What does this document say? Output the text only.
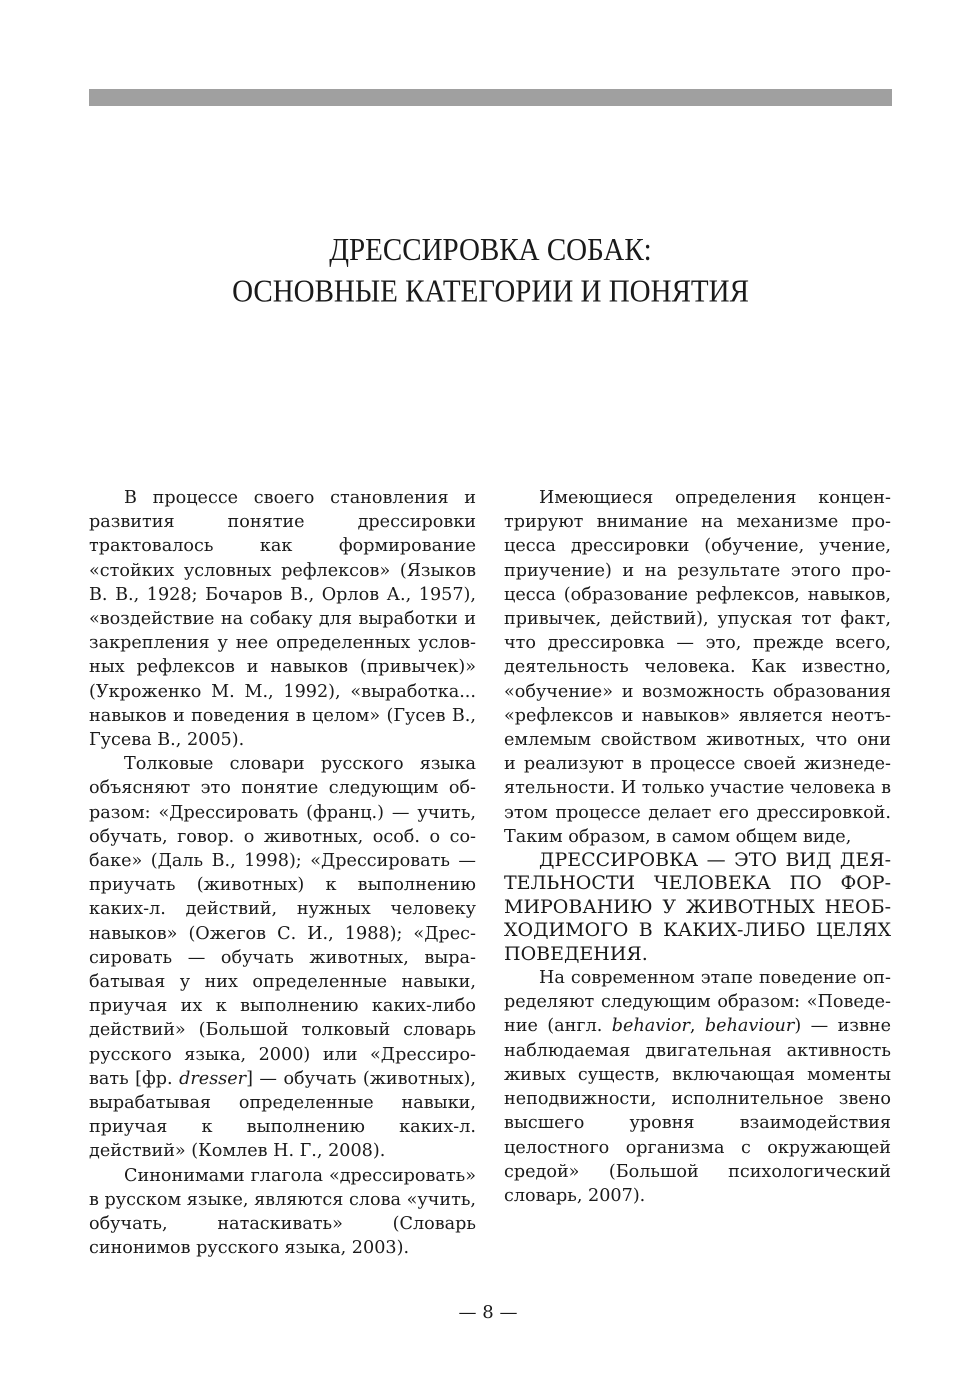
ДРЕССИРОВКА СОБАК:
ОСНОВНЫЕ КАТЕГОРИИ И ПОНЯТИЯ

В процессе своего становления и развития понятие дрессировки трактовалось как формирование «стойких условных рефлексов» (Языков В. В., 1928; Бочаров В., Орлов А., 1957), «воздействие на собаку для выработки и закрепления у нее определенных условных рефлексов и навыков (привычек)» (Укроженко М. М., 1992), «выработка... навыков и поведения в целом» (Гусев В., Гусева В., 2005).

Толковые словари русского языка объясняют это понятие следующим образом: «Дрессировать (франц.) — учить, обучать, говор. о животных, особ. о собаке» (Даль В., 1998); «Дрессировать — приучать (животных) к выполнению каких-л. действий, нужных человеку навыков» (Ожегов С. И., 1988); «Дрессировать — обучать животных, вырабатывая у них определенные навыки, приучая их к выполнению каких-либо действий» (Большой толковый словарь русского языка, 2000) или «Дрессировать [фр. dresser] — обучать (животных), вырабатывая определенные навыки, приучая к выполнению каких-л. действий» (Комлев Н. Г., 2008).

Синонимами глагола «дрессировать» в русском языке, являются слова «учить, обучать, натаскивать» (Словарь синонимов русского языка, 2003).

Имеющиеся определения концентрируют внимание на механизме процесса дрессировки (обучение, учение, приучение) и на результате этого процесса (образование рефлексов, навыков, привычек, действий), упуская тот факт, что дрессировка — это, прежде всего, деятельность человека. Как известно, «обучение» и возможность образования «рефлексов и навыков» является неотъемлемым свойством животных, что они и реализуют в процессе своей жизнедеятельности. И только участие человека в этом процессе делает его дрессировкой. Таким образом, в самом общем виде,

ДРЕССИРОВКА — ЭТО ВИД ДЕЯТЕЛЬНОСТИ ЧЕЛОВЕКА ПО ФОРМИРОВАНИЮ У ЖИВОТНЫХ НЕОБХОДИМОГО В КАКИХ-ЛИБО ЦЕЛЯХ ПОВЕДЕНИЯ.

На современном этапе поведение определяют следующим образом: «Поведение (англ. behavior, behaviour) — извне наблюдаемая двигательная активность живых существ, включающая моменты неподвижности, исполнительное звено высшего уровня взаимодействия целостного организма с окружающей средой» (Большой психологический словарь, 2007).

— 8 —
